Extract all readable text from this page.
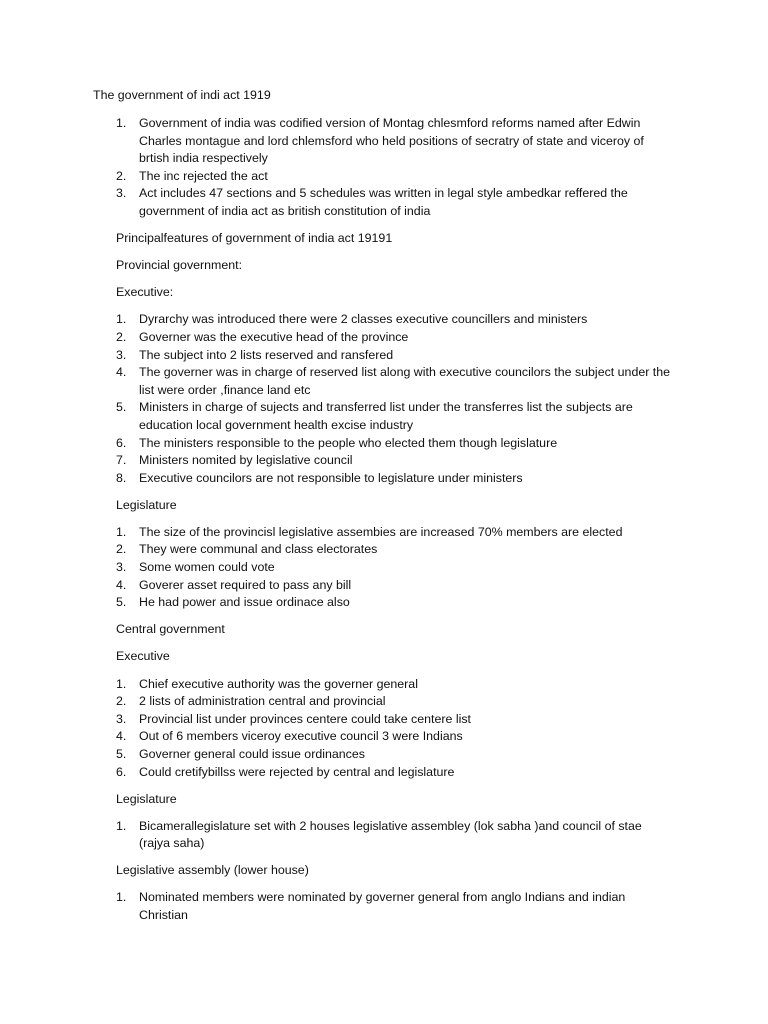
The government of indi act 1919

1. Government of india was codified version of Montag chlesmford reforms named after Edwin Charles montague and lord chlemsford who held positions of secratry of state and viceroy of brtish india respectively
2. The inc rejected the act
3. Act includes 47 sections and 5 schedules was written in legal style ambedkar reffered the government of india act as british constitution of india

Principalfeatures of government of india act 19191

Provincial government:

Executive:

1. Dyrarchy was introduced there were 2 classes executive councillers and ministers
2. Governer was the executive head of the province
3. The subject into 2 lists reserved and ransfered
4. The governer was in charge of reserved list along with executive councilors the subject under the list were order ,finance land etc
5. Ministers in charge of sujects and transferred list under the transferres list the subjects are education local government health excise industry
6. The ministers responsible to the people who elected them though legislature
7. Ministers nomited by legislative council
8. Executive councilors are not responsible to legislature under ministers

Legislature

1. The size of the provincisl legislative assembies are increased 70% members are elected
2. They were communal and class electorates
3. Some women could vote
4. Goverer asset required to pass any bill
5. He had power and issue ordinace also

Central government

Executive

1. Chief executive authority was the governer general
2. 2 lists of administration central and provincial
3. Provincial list under provinces centere could take centere list
4. Out of 6 members viceroy executive council 3 were Indians
5. Governer general could issue ordinances
6. Could cretifybillss were rejected by central and legislature

Legislature

1. Bicamerallegislature set with 2 houses legislative assembley (lok sabha )and council of stae (rajya saha)

Legislative assembly (lower house)

1. Nominated members were nominated by governer general from anglo Indians and indian Christian
